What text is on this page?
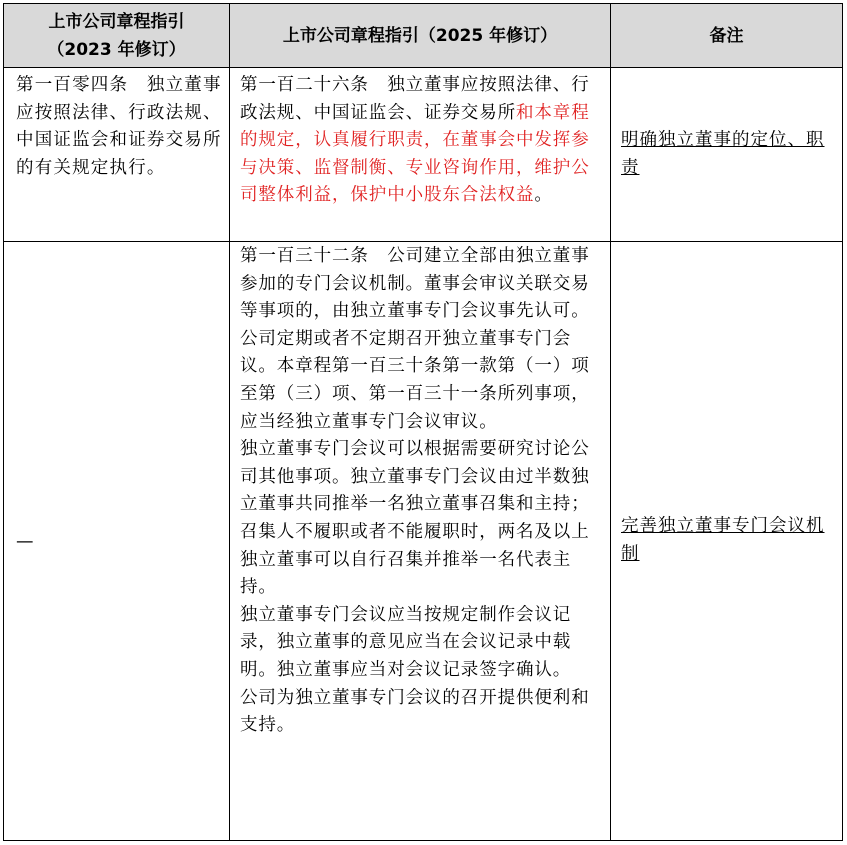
上市公司章程指引
（2023 年修订）	上市公司章程指引（2025 年修订）	备注
第一百零四条　独立董事应按照法律、行政法规、中国证监会和证券交易所的有关规定执行。	第一百二十六条　独立董事应按照法律、行政法规、中国证监会、证券交易所和本章程的规定，认真履行职责，在董事会中发挥参与决策、监督制衡、专业咨询作用，维护公司整体利益，保护中小股东合法权益。	明确独立董事的定位、职责
—	第一百三十二条　公司建立全部由独立董事参加的专门会议机制。董事会审议关联交易等事项的，由独立董事专门会议事先认可。

公司定期或者不定期召开独立董事专门会议。本章程第一百三十条第一款第（一）项至第（三）项、第一百三十一条所列事项，应当经独立董事专门会议审议。

独立董事专门会议可以根据需要研究讨论公司其他事项。独立董事专门会议由过半数独立董事共同推举一名独立董事召集和主持；召集人不履职或者不能履职时，两名及以上独立董事可以自行召集并推举一名代表主持。

独立董事专门会议应当按规定制作会议记录，独立董事的意见应当在会议记录中载明。独立董事应当对会议记录签字确认。

公司为独立董事专门会议的召开提供便利和支持。	完善独立董事专门会议机制
